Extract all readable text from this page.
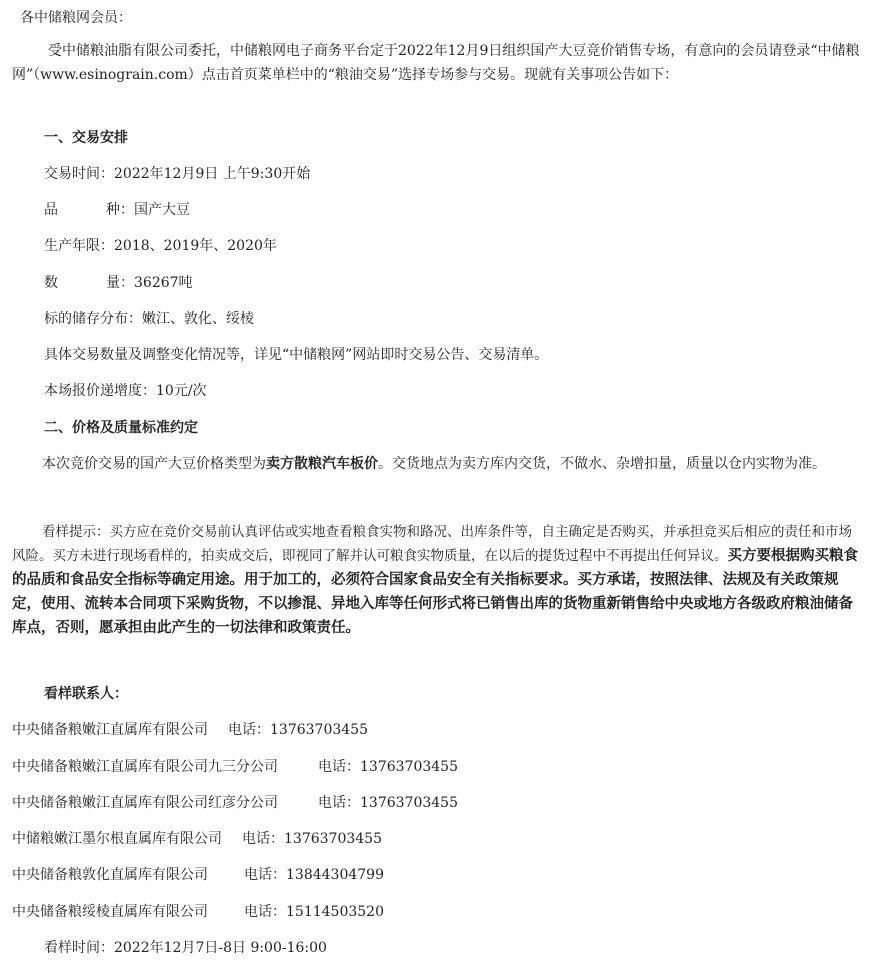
各中储粮网会员：
受中储粮油脂有限公司委托，中储粮网电子商务平台定于2022年12月9日组织国产大豆竞价销售专场，有意向的会员请登录“中储粮网”（www.esinograin.com）点击首页菜单栏中的“粮油交易”选择专场参与交易。现就有关事项公告如下：
一、交易安排
交易时间：2022年12月9日 上午9:30开始
品	种：国产大豆
生产年限：2018、2019年、2020年
数	量：36267吨
标的储存分布：嫩江、敦化、绥棱
具体交易数量及调整变化情况等，详见“中储粮网”网站即时交易公告、交易清单。
本场报价递增度：10元/次
二、价格及质量标准约定
本次竞价交易的国产大豆价格类型为卖方散粮汽车板价。交货地点为卖方库内交货，不做水、杂增扣量，质量以仓内实物为准。
看样提示：买方应在竞价交易前认真评估或实地查看粮食实物和路况、出库条件等，自主确定是否购买，并承担竞买后相应的责任和市场风险。买方未进行现场看样的，拍卖成交后，即视同了解并认可粮食实物质量，在以后的提货过程中不再提出任何异议。买方要根据购买粮食的品质和食品安全指标等确定用途。用于加工的，必须符合国家食品安全有关指标要求。买方承诺，按照法律、法规及有关政策规定，使用、流转本合同项下采购货物，不以掺混、异地入库等任何形式将已销售出库的货物重新销售给中央或地方各级政府粮油储备库点，否则，愿承担由此产生的一切法律和政策责任。
看样联系人：
中央储备粮嫩江直属库有限公司 电话：13763703455
中央储备粮嫩江直属库有限公司九三分公司	电话：13763703455
中央储备粮嫩江直属库有限公司红彦分公司	电话：13763703455
中储粮嫩江墨尔根直属库有限公司 电话：13763703455
中央储备粮敦化直属库有限公司	电话：13844304799
中央储备粮绥棱直属库有限公司	电话：15114503520
看样时间：2022年12月7日-8日 9:00-16:00
